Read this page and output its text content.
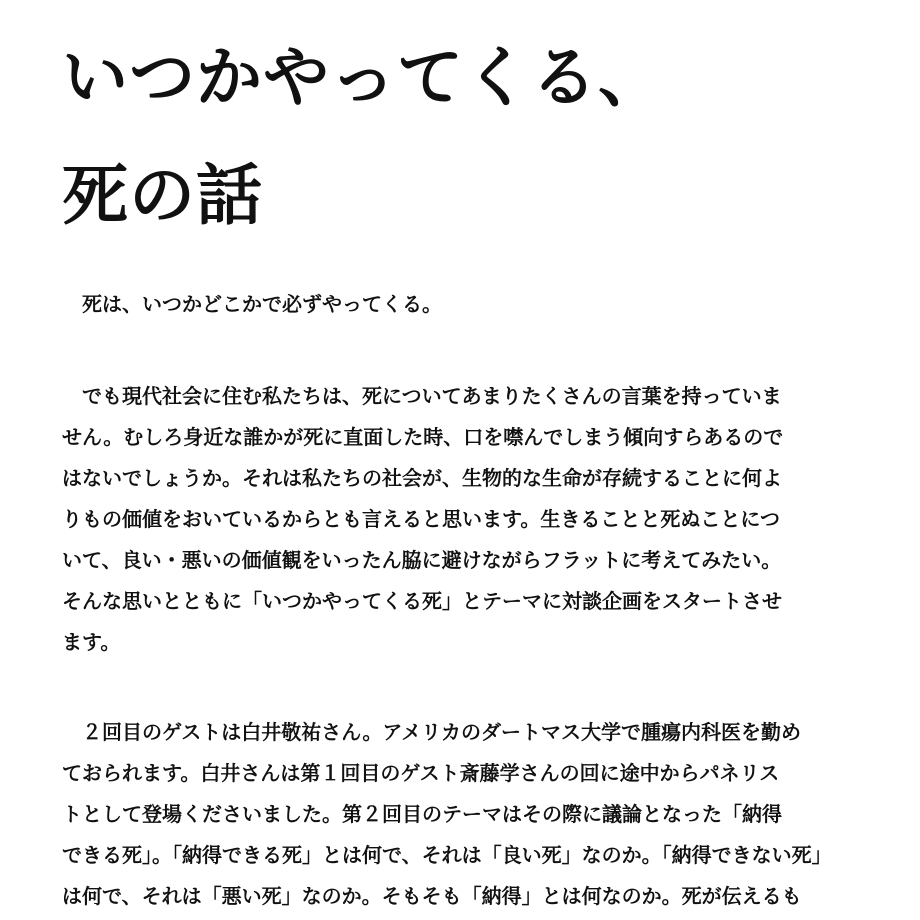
いつかやってくる、
死の話

死は、いつかどこかで必ずやってくる。

でも現代社会に住む私たちは、死についてあまりたくさんの言葉を持っていま
せん。むしろ身近な誰かが死に直面した時、口を噤んでしまう傾向すらあるので
はないでしょうか。それは私たちの社会が、生物的な生命が存続することに何よ
りもの価値をおいているからとも言えると思います。生きることと死ぬことにつ
いて、良い・悪いの価値観をいったん脇に避けながらフラットに考えてみたい。
そんな思いとともに「いつかやってくる死」とテーマに対談企画をスタートさせ
ます。

２回目のゲストは白井敬祐さん。アメリカのダートマス大学で腫瘍内科医を勤め
ておられます。白井さんは第１回目のゲスト斎藤学さんの回に途中からパネリス
トとして登場くださいました。第２回目のテーマはその際に議論となった「納得
できる死」。「納得できる死」とは何で、それは「良い死」なのか。「納得できない死」
は何で、それは「悪い死」なのか。そもそも「納得」とは何なのか。死が伝えるも
